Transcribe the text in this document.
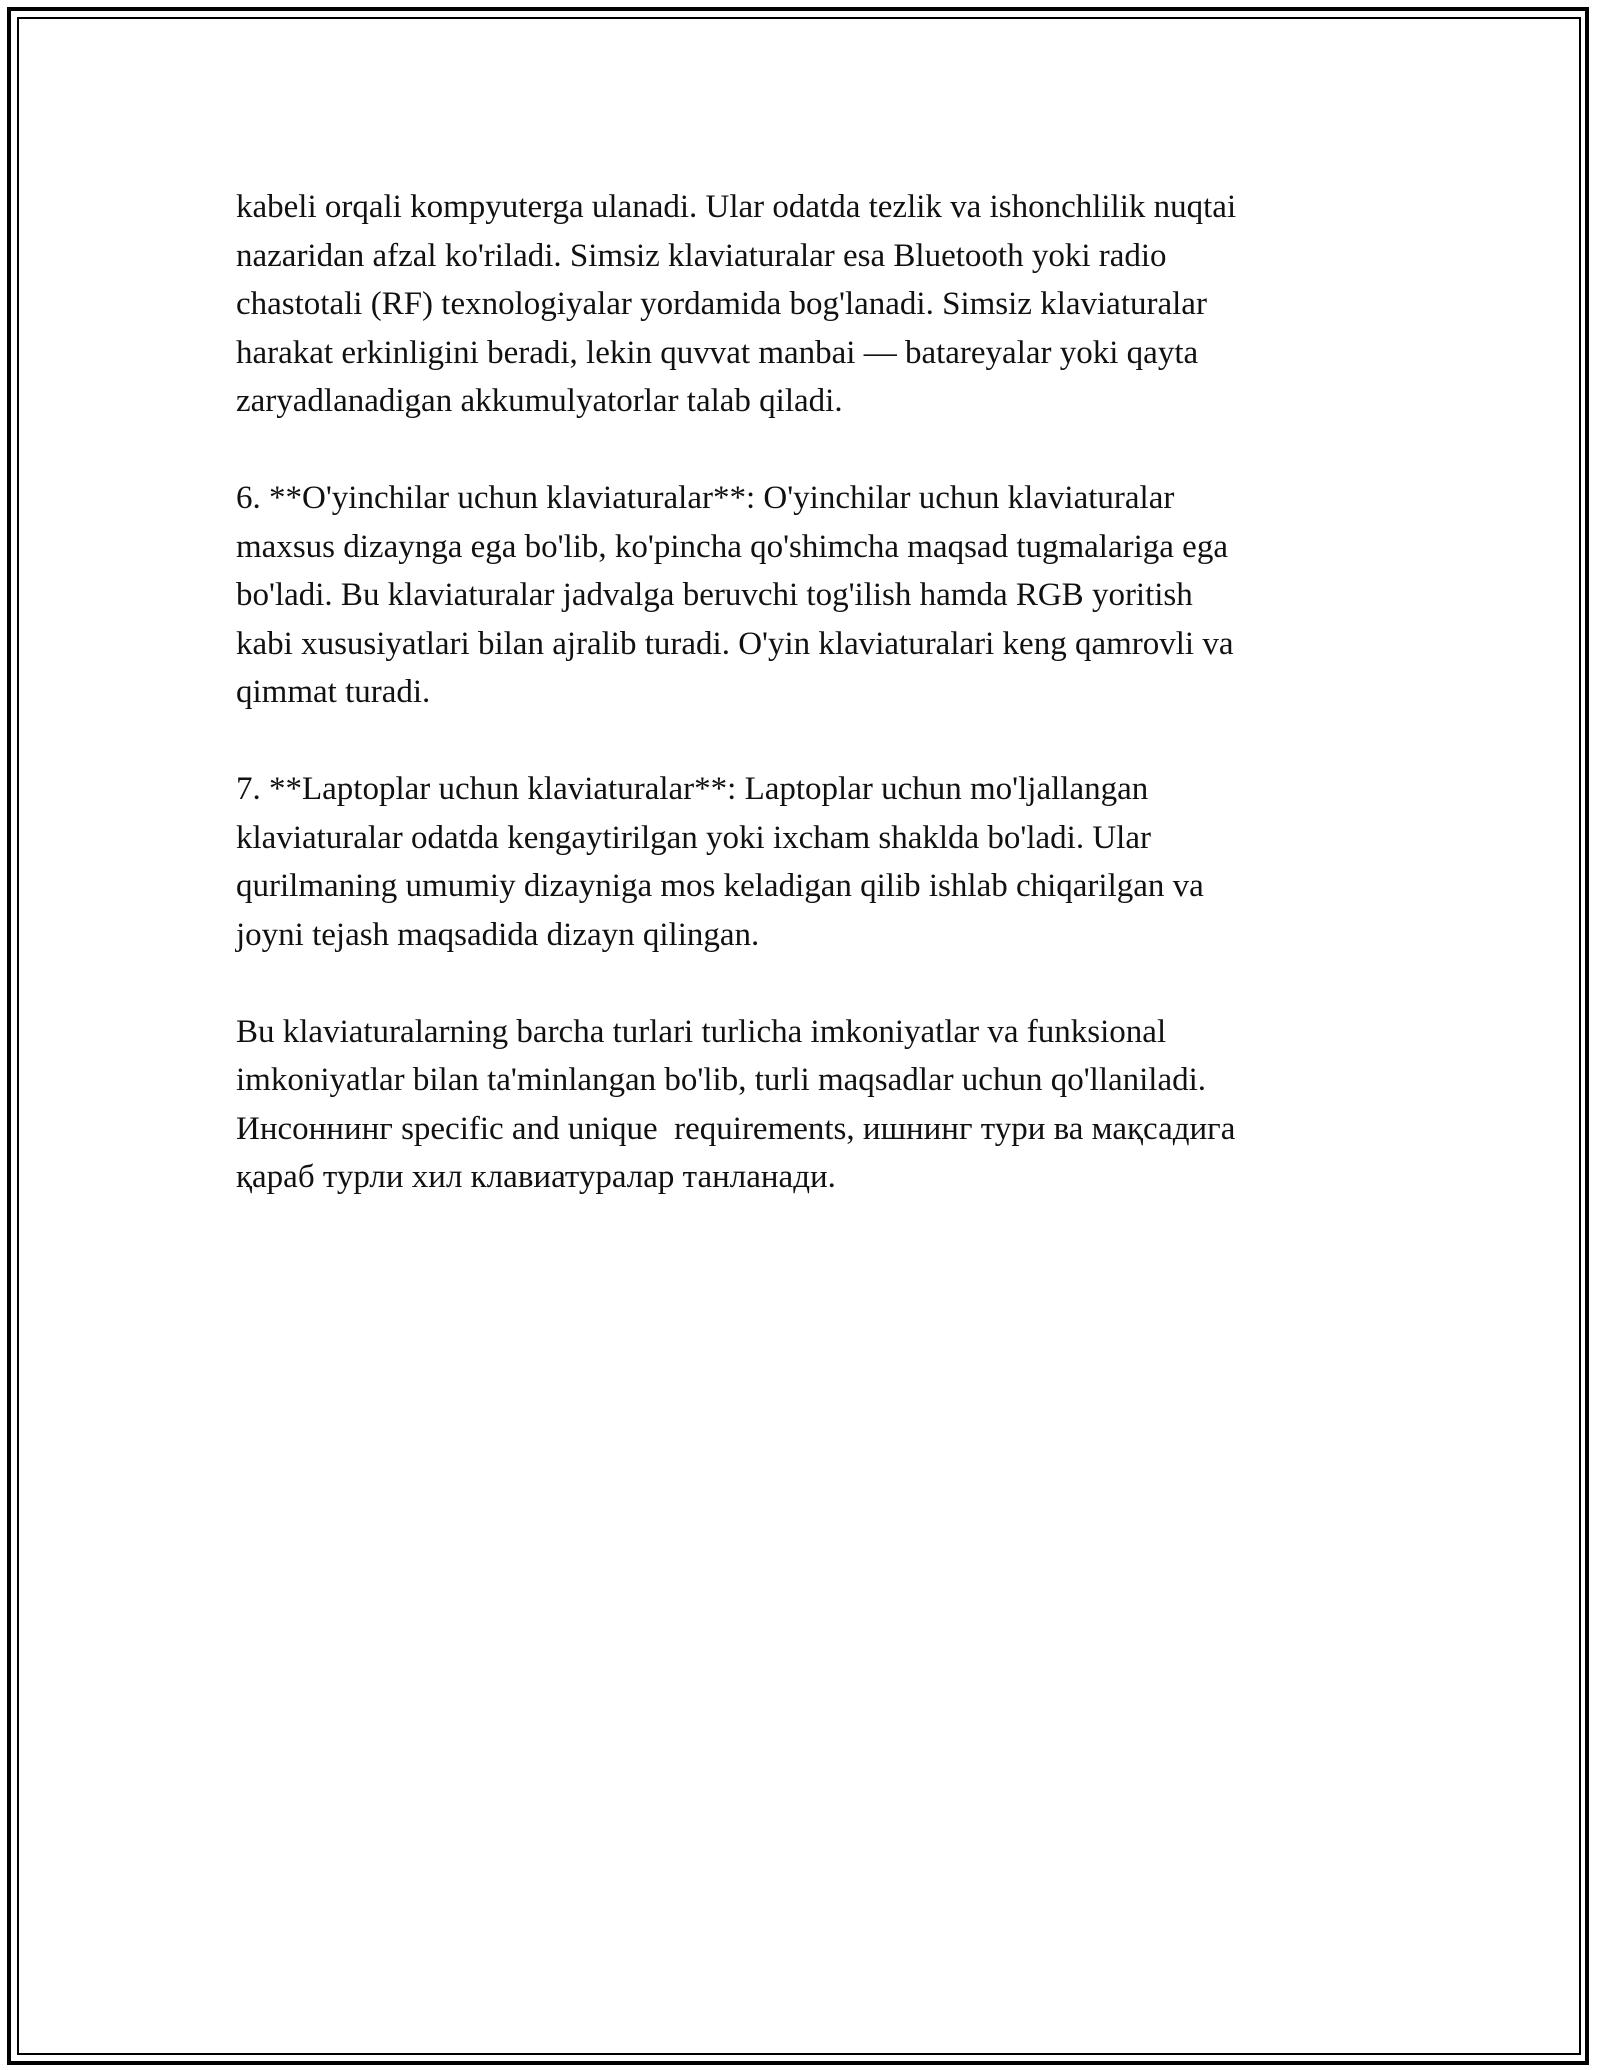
kabeli orqali kompyuterga ulanadi. Ular odatda tezlik va ishonchlilik nuqtai
nazaridan afzal ko'riladi. Simsiz klaviaturalar esa Bluetooth yoki radio
chastotali (RF) texnologiyalar yordamida bog'lanadi. Simsiz klaviaturalar
harakat erkinligini beradi, lekin quvvat manbai — batareyalar yoki qayta
zaryadlanadigan akkumulyatorlar talab qiladi.

6. **O'yinchilar uchun klaviaturalar**: O'yinchilar uchun klaviaturalar
maxsus dizaynga ega bo'lib, ko'pincha qo'shimcha maqsad tugmalariga ega
bo'ladi. Bu klaviaturalar jadvalga beruvchi tog'ilish hamda RGB yoritish
kabi xususiyatlari bilan ajralib turadi. O'yin klaviaturalari keng qamrovli va
qimmat turadi.

7. **Laptoplar uchun klaviaturalar**: Laptoplar uchun mo'ljallangan
klaviaturalar odatda kengaytirilgan yoki ixcham shaklda bo'ladi. Ular
qurilmaning umumiy dizayniga mos keladigan qilib ishlab chiqarilgan va
joyni tejash maqsadida dizayn qilingan.

Bu klaviaturalarning barcha turlari turlicha imkoniyatlar va funksional
imkoniyatlar bilan ta'minlangan bo'lib, turli maqsadlar uchun qo'llaniladi.
Инсоннинг specific and unique  requirements, ишнинг тури ва мақсадига
қараб турли хил клавиатуралар танланади.
